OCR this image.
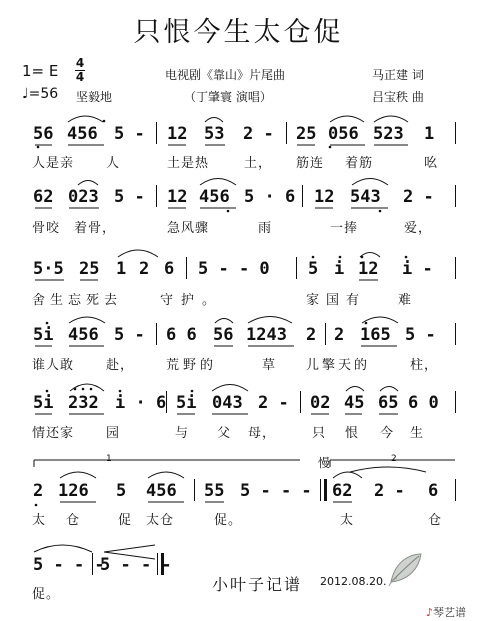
只恨今生太仓促
1= E 4
4
♩=56 坚毅地
电视剧《靠山》片尾曲
（丁肇寰 演唱）
马正建 词
吕宝秩 曲
56 456 5 - 12 53 2 - 25 056 523 1
人是亲 人	土是热	土， 筋连 着筋	吆
62 023 5 - 12 456 5 · 6 12 543 2 -
骨咬 着骨，	急风骤	雨	一捧	爱，
5·5 25 1 2 6 5 - - 0 5 i 12 i -
舍生忘死去	守护。	家国有 难
5i 456 5 - 6 6 56 1243 2 2 165 5 -
谁人敢 赴， 荒野的	草 儿擎天的	柱，
5i 232 i · 6 5i 043 2 - 02 45 65 6 0
情还家 园	与 父 母，	只 恨 今 生
1	慢	2
2 126 5 456 55 5 - - - 62 2 - 6
太 仓	促 太仓	促。	太	仓
5 - - -
5 - - -
促。
小叶子记谱 2012.08.20.
♪琴艺谱
